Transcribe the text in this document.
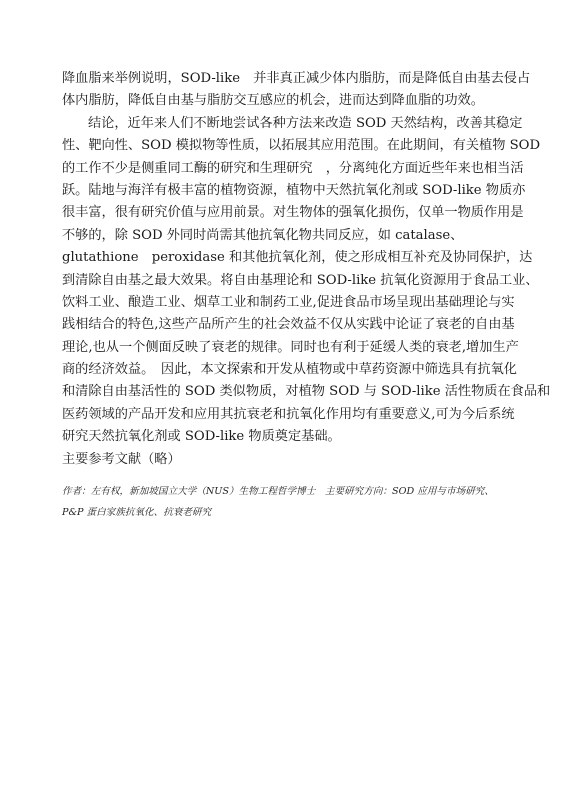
降血脂来举例说明，SOD-like　并非真正减少体内脂肪，而是降低自由基去侵占
体内脂肪，降低自由基与脂肪交互感应的机会，进而达到降血脂的功效。
结论，近年来人们不断地尝试各种方法来改造 SOD 天然结构，改善其稳定
性、靶向性、SOD 模拟物等性质，以拓展其应用范围。在此期间，有关植物 SOD
的工作不少是侧重同工酶的研究和生理研究　，分离纯化方面近些年来也相当活
跃。陆地与海洋有极丰富的植物资源，植物中天然抗氧化剂或 SOD-like 物质亦
很丰富，很有研究价值与应用前景。对生物体的强氧化损伤，仅单一物质作用是
不够的，除 SOD 外同时尚需其他抗氧化物共同反应，如 catalase、
glutathione　peroxidase 和其他抗氧化剂，使之形成相互补充及协同保护，达
到清除自由基之最大效果。将自由基理论和 SOD-like 抗氧化资源用于食品工业、
饮料工业、酿造工业、烟草工业和制药工业,促进食品市场呈现出基础理论与实
践相结合的特色,这些产品所产生的社会效益不仅从实践中论证了衰老的自由基
理论,也从一个侧面反映了衰老的规律。同时也有利于延缓人类的衰老,增加生产
商的经济效益。　因此，本文探索和开发从植物或中草药资源中筛选具有抗氧化
和清除自由基活性的 SOD 类似物质，对植物 SOD 与 SOD-like 活性物质在食品和
医药领域的产品开发和应用其抗衰老和抗氧化作用均有重要意义,可为今后系统
研究天然抗氧化剂或 SOD-like 物质奠定基础。
主要参考文献（略）
作者：左有权，新加坡国立大学（NUS）生物工程哲学博士　主要研究方向：SOD 应用与市场研究、
P&P 蛋白家族抗氧化、抗衰老研究
